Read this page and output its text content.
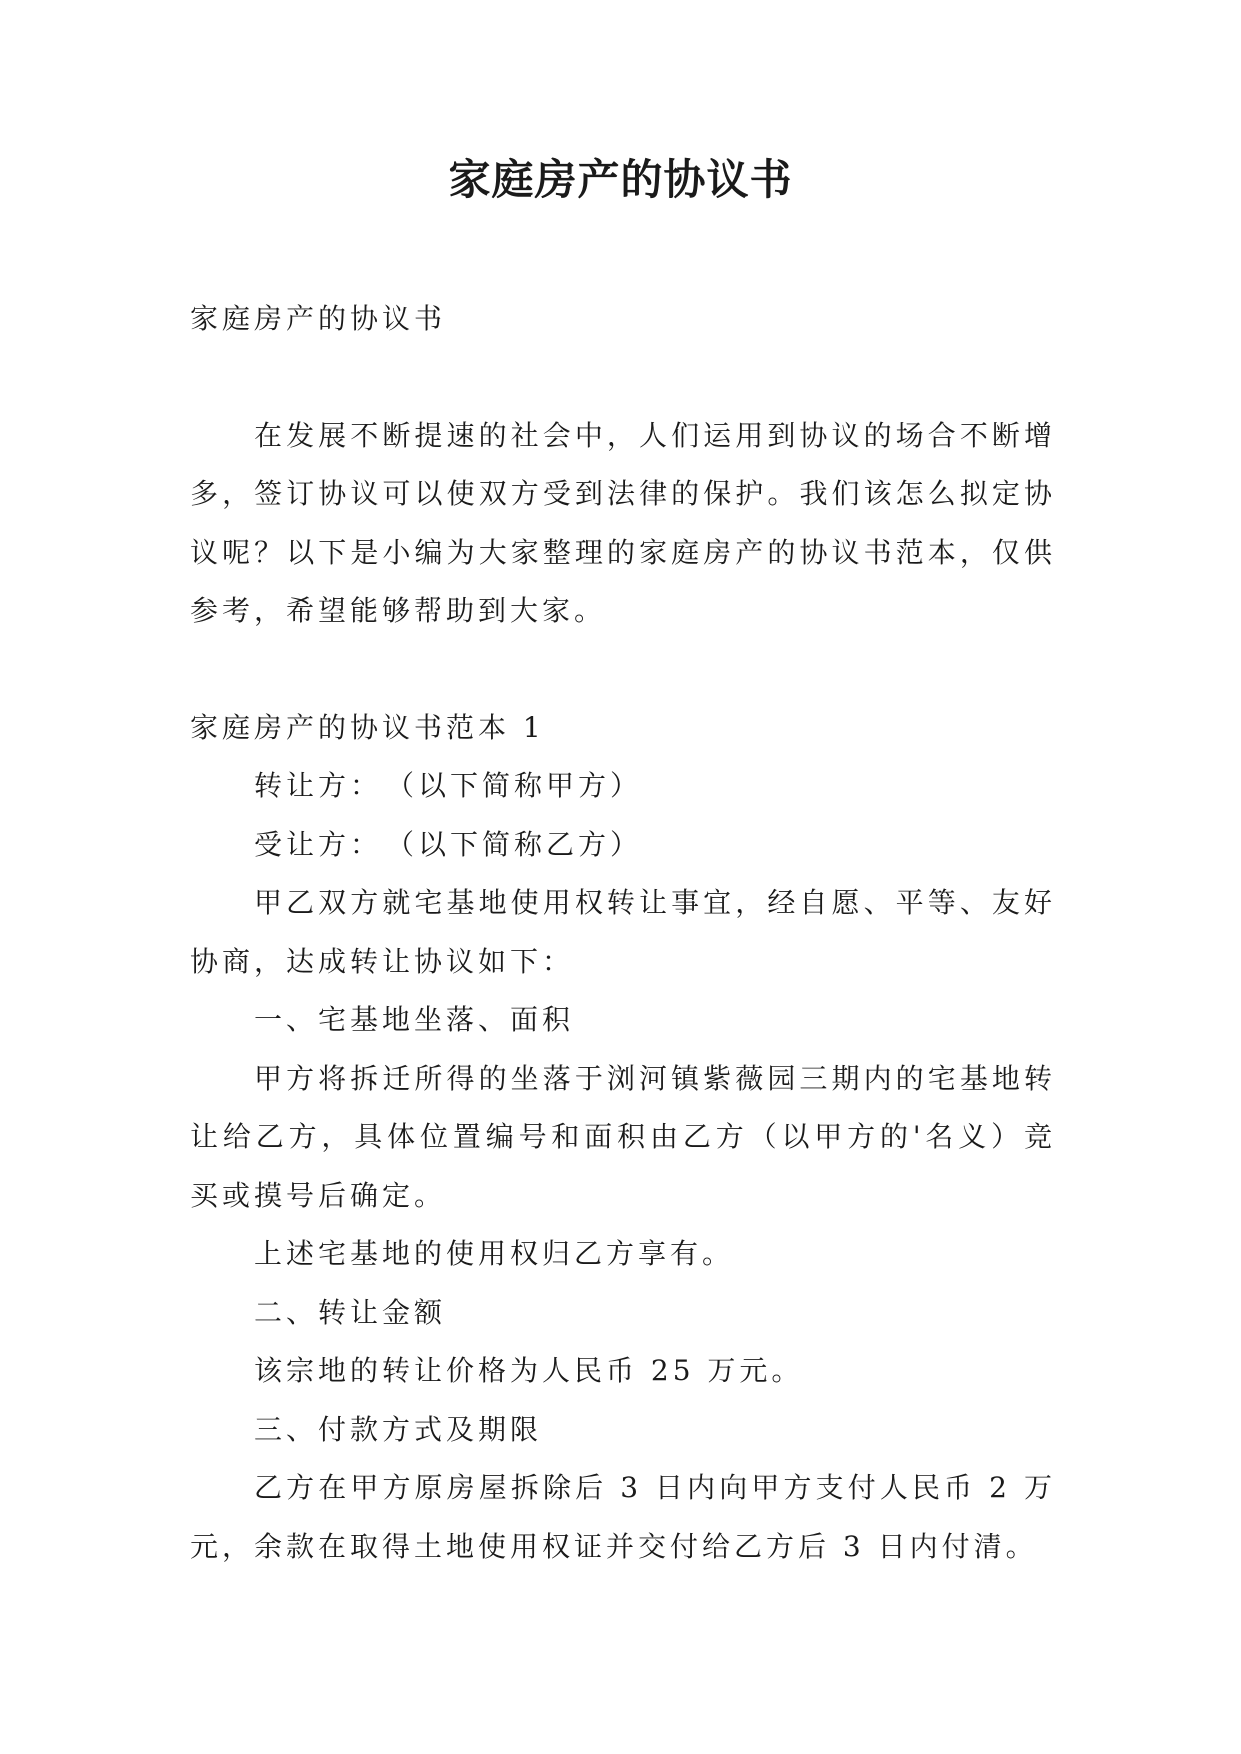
家庭房产的协议书

家庭房产的协议书

在发展不断提速的社会中，人们运用到协议的场合不断增多，签订协议可以使双方受到法律的保护。我们该怎么拟定协议呢？以下是小编为大家整理的家庭房产的协议书范本，仅供参考，希望能够帮助到大家。

家庭房产的协议书范本 1

转让方：　（以下简称甲方）

受让方：　（以下简称乙方）

甲乙双方就宅基地使用权转让事宜，经自愿、平等、友好协商，达成转让协议如下：

一、宅基地坐落、面积

甲方将拆迁所得的坐落于浏河镇紫薇园三期内的宅基地转让给乙方，具体位置编号和面积由乙方（以甲方的'名义）竞买或摸号后确定。

上述宅基地的使用权归乙方享有。

二、转让金额

该宗地的转让价格为人民币 25 万元。

三、付款方式及期限

乙方在甲方原房屋拆除后 3 日内向甲方支付人民币 2 万元，余款在取得土地使用权证并交付给乙方后 3 日内付清。
